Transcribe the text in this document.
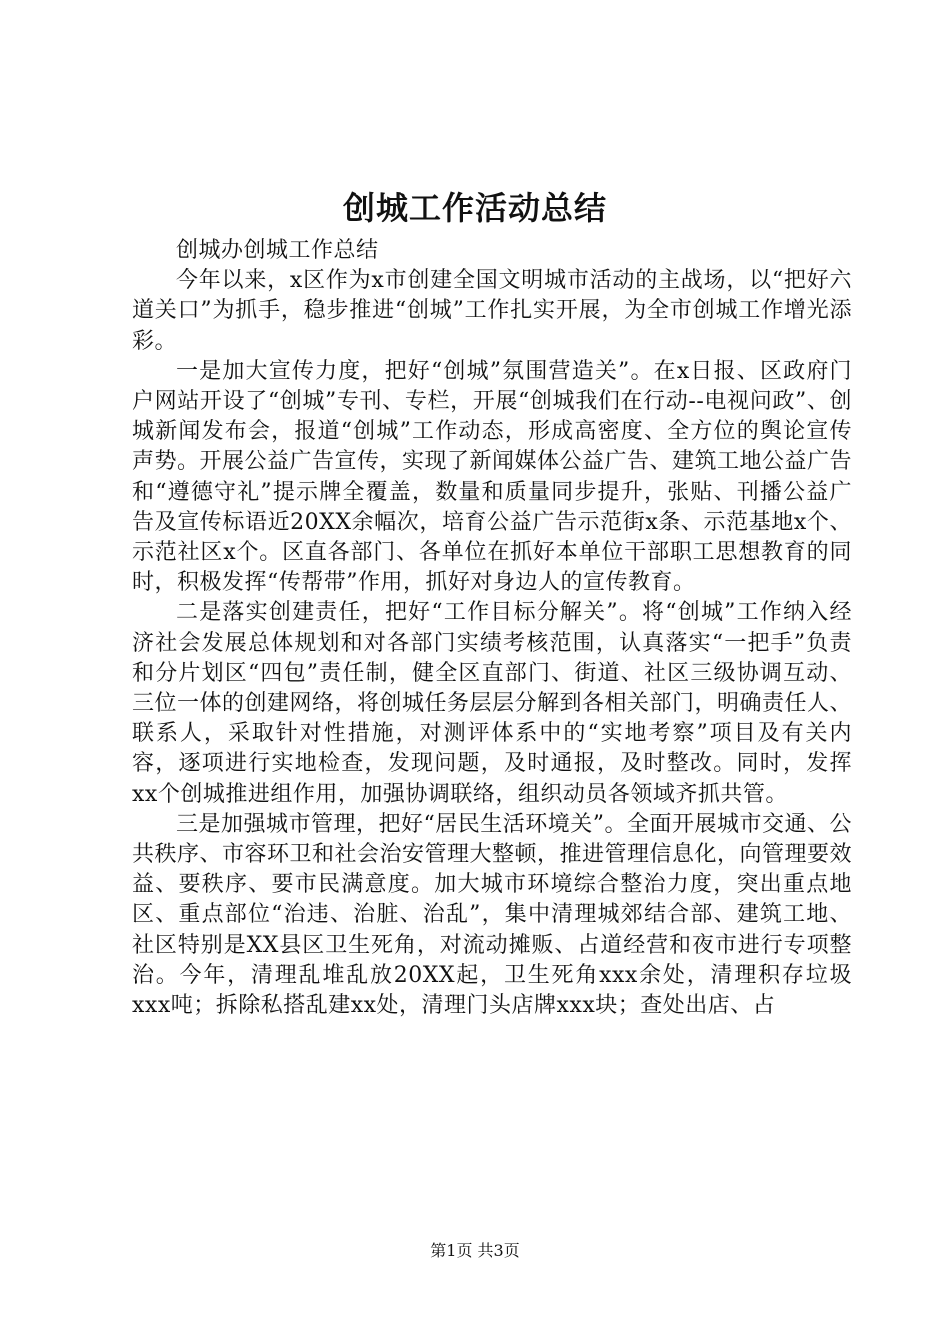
创城工作活动总结

创城办创城工作总结

今年以来，x区作为x市创建全国文明城市活动的主战场，以“把好六道关口”为抓手，稳步推进“创城”工作扎实开展，为全市创城工作增光添彩。

一是加大宣传力度，把好“创城”氛围营造关”。在x日报、区政府门户网站开设了“创城”专刊、专栏，开展“创城我们在行动--电视问政”、创城新闻发布会，报道“创城”工作动态，形成高密度、全方位的舆论宣传声势。开展公益广告宣传，实现了新闻媒体公益广告、建筑工地公益广告和“遵德守礼”提示牌全覆盖，数量和质量同步提升，张贴、刊播公益广告及宣传标语近20XX余幅次，培育公益广告示范街x条、示范基地x个、示范社区x个。区直各部门、各单位在抓好本单位干部职工思想教育的同时，积极发挥“传帮带”作用，抓好对身边人的宣传教育。

二是落实创建责任，把好“工作目标分解关”。将“创城”工作纳入经济社会发展总体规划和对各部门实绩考核范围，认真落实“一把手”负责和分片划区“四包”责任制，健全区直部门、街道、社区三级协调互动、三位一体的创建网络，将创城任务层层分解到各相关部门，明确责任人、联系人，采取针对性措施，对测评体系中的“实地考察”项目及有关内容，逐项进行实地检查，发现问题，及时通报，及时整改。同时，发挥xx个创城推进组作用，加强协调联络，组织动员各领域齐抓共管。

三是加强城市管理，把好“居民生活环境关”。全面开展城市交通、公共秩序、市容环卫和社会治安管理大整顿，推进管理信息化，向管理要效益、要秩序、要市民满意度。加大城市环境综合整治力度，突出重点地区、重点部位“治违、治脏、治乱”，集中清理城郊结合部、建筑工地、社区特别是XX县区卫生死角，对流动摊贩、占道经营和夜市进行专项整治。今年，清理乱堆乱放20XX起，卫生死角xxx余处，清理积存垃圾xxx吨；拆除私搭乱建xx处，清理门头店牌xxx块；查处出店、占

第1页 共3页
